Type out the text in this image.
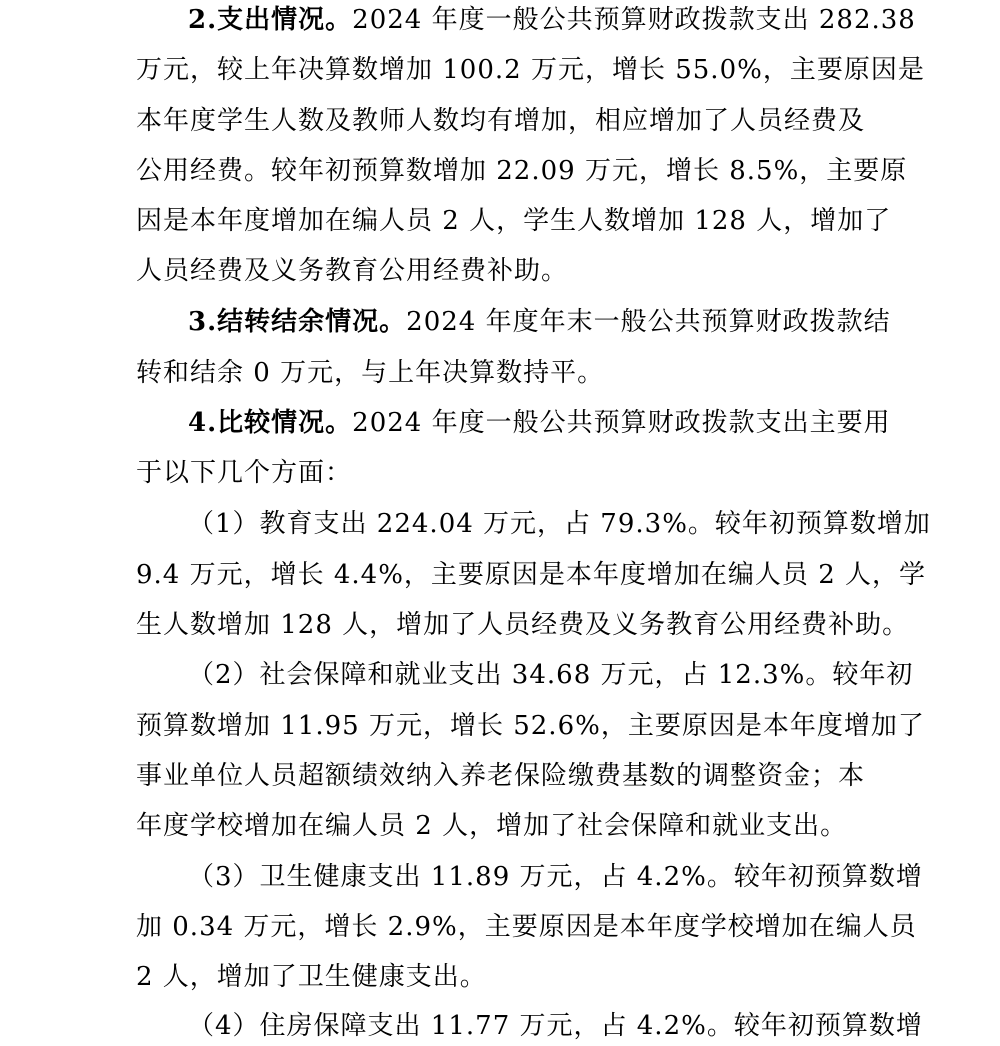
2.支出情况。2024 年度一般公共预算财政拨款支出 282.38
万元，较上年决算数增加 100.2 万元，增长 55.0%，主要原因是
本年度学生人数及教师人数均有增加，相应增加了人员经费及
公用经费。较年初预算数增加 22.09 万元，增长 8.5%，主要原
因是本年度增加在编人员 2 人，学生人数增加 128 人，增加了
人员经费及义务教育公用经费补助。
3.结转结余情况。2024 年度年末一般公共预算财政拨款结
转和结余 0 万元，与上年决算数持平。
4.比较情况。2024 年度一般公共预算财政拨款支出主要用
于以下几个方面：
（1）教育支出 224.04 万元，占 79.3%。较年初预算数增加
9.4 万元，增长 4.4%，主要原因是本年度增加在编人员 2 人，学
生人数增加 128 人，增加了人员经费及义务教育公用经费补助。
（2）社会保障和就业支出 34.68 万元，占 12.3%。较年初
预算数增加 11.95 万元，增长 52.6%，主要原因是本年度增加了
事业单位人员超额绩效纳入养老保险缴费基数的调整资金；本
年度学校增加在编人员 2 人，增加了社会保障和就业支出。
（3）卫生健康支出 11.89 万元，占 4.2%。较年初预算数增
加 0.34 万元，增长 2.9%，主要原因是本年度学校增加在编人员
2 人，增加了卫生健康支出。
（4）住房保障支出 11.77 万元，占 4.2%。较年初预算数增
